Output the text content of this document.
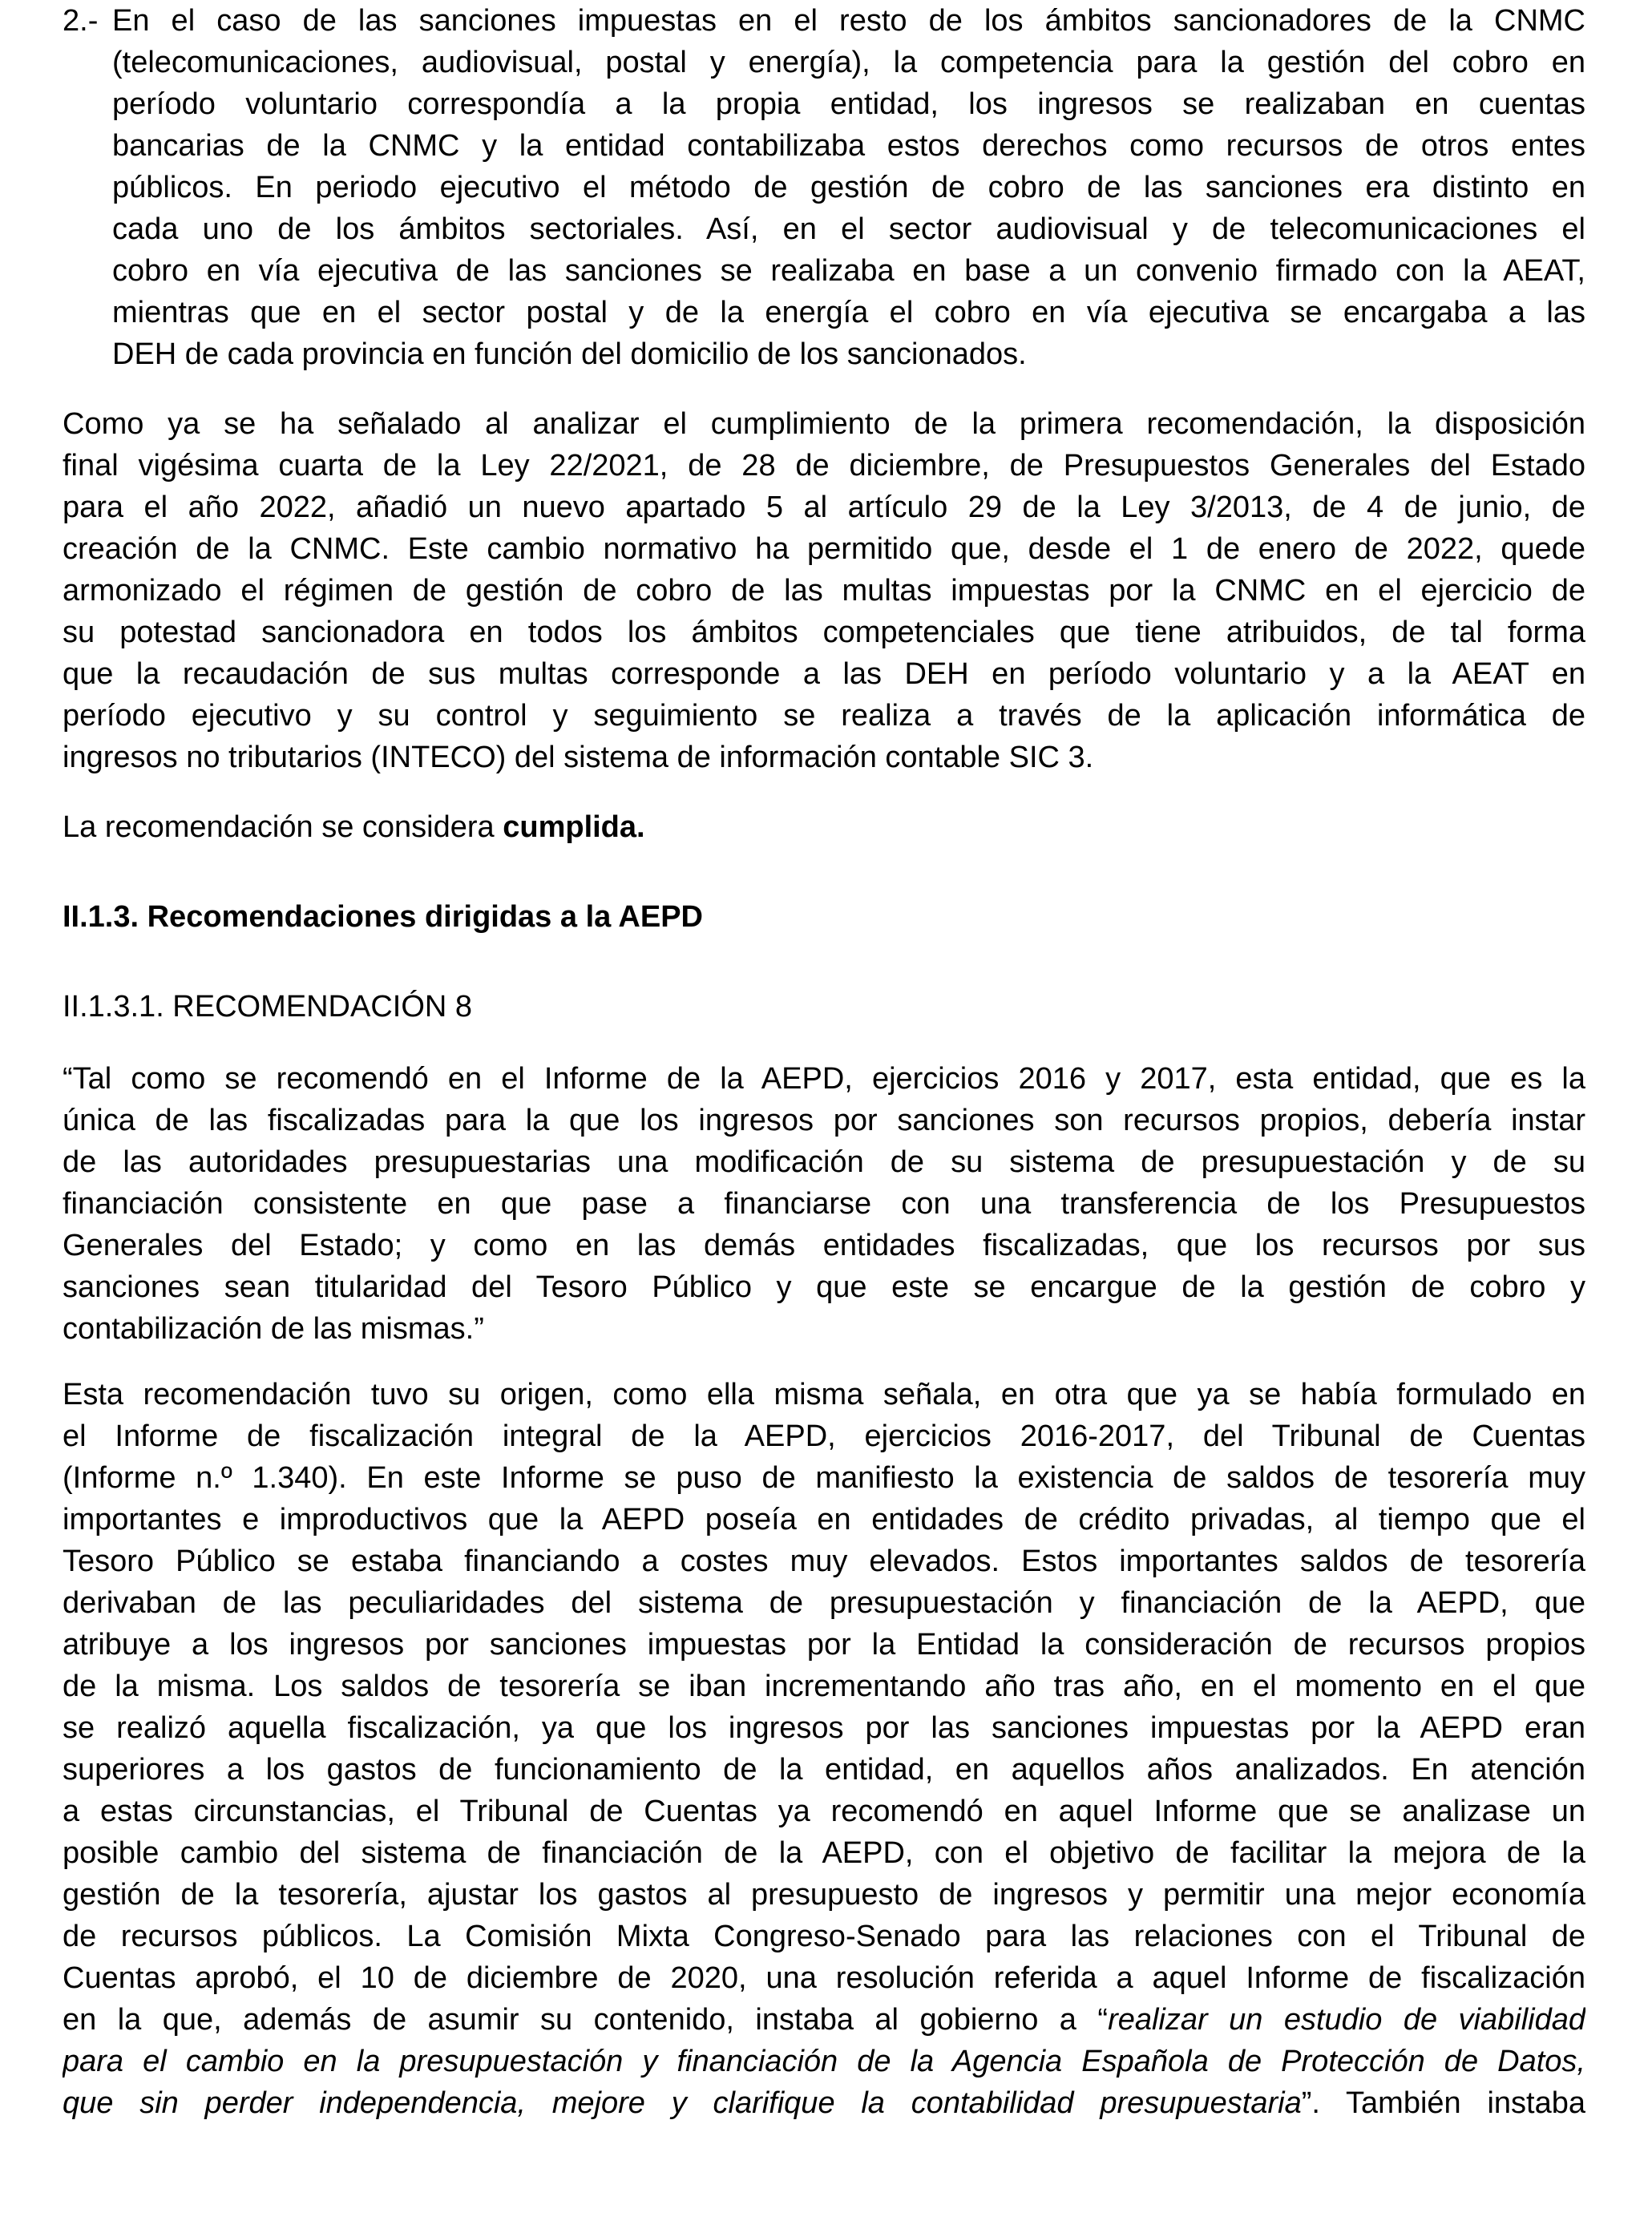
2.- En el caso de las sanciones impuestas en el resto de los ámbitos sancionadores de la CNMC
(telecomunicaciones, audiovisual, postal y energía), la competencia para la gestión del cobro en
período voluntario correspondía a la propia entidad, los ingresos se realizaban en cuentas
bancarias de la CNMC y la entidad contabilizaba estos derechos como recursos de otros entes
públicos. En periodo ejecutivo el método de gestión de cobro de las sanciones era distinto en
cada uno de los ámbitos sectoriales. Así, en el sector audiovisual y de telecomunicaciones el
cobro en vía ejecutiva de las sanciones se realizaba en base a un convenio firmado con la AEAT,
mientras que en el sector postal y de la energía el cobro en vía ejecutiva se encargaba a las
DEH de cada provincia en función del domicilio de los sancionados.
Como ya se ha señalado al analizar el cumplimiento de la primera recomendación, la disposición
final vigésima cuarta de la Ley 22/2021, de 28 de diciembre, de Presupuestos Generales del Estado
para el año 2022, añadió un nuevo apartado 5 al artículo 29 de la Ley 3/2013, de 4 de junio, de
creación de la CNMC. Este cambio normativo ha permitido que, desde el 1 de enero de 2022, quede
armonizado el régimen de gestión de cobro de las multas impuestas por la CNMC en el ejercicio de
su potestad sancionadora en todos los ámbitos competenciales que tiene atribuidos, de tal forma
que la recaudación de sus multas corresponde a las DEH en período voluntario y a la AEAT en
período ejecutivo y su control y seguimiento se realiza a través de la aplicación informática de
ingresos no tributarios (INTECO) del sistema de información contable SIC 3.
La recomendación se considera cumplida.
II.1.3. Recomendaciones dirigidas a la AEPD
II.1.3.1. RECOMENDACIÓN 8
“Tal como se recomendó en el Informe de la AEPD, ejercicios 2016 y 2017, esta entidad, que es la
única de las fiscalizadas para la que los ingresos por sanciones son recursos propios, debería instar
de las autoridades presupuestarias una modificación de su sistema de presupuestación y de su
financiación consistente en que pase a financiarse con una transferencia de los Presupuestos
Generales del Estado; y como en las demás entidades fiscalizadas, que los recursos por sus
sanciones sean titularidad del Tesoro Público y que este se encargue de la gestión de cobro y
contabilización de las mismas.”
Esta recomendación tuvo su origen, como ella misma señala, en otra que ya se había formulado en
el Informe de fiscalización integral de la AEPD, ejercicios 2016-2017, del Tribunal de Cuentas
(Informe n.º 1.340). En este Informe se puso de manifiesto la existencia de saldos de tesorería muy
importantes e improductivos que la AEPD poseía en entidades de crédito privadas, al tiempo que el
Tesoro Público se estaba financiando a costes muy elevados. Estos importantes saldos de tesorería
derivaban de las peculiaridades del sistema de presupuestación y financiación de la AEPD, que
atribuye a los ingresos por sanciones impuestas por la Entidad la consideración de recursos propios
de la misma. Los saldos de tesorería se iban incrementando año tras año, en el momento en el que
se realizó aquella fiscalización, ya que los ingresos por las sanciones impuestas por la AEPD eran
superiores a los gastos de funcionamiento de la entidad, en aquellos años analizados. En atención
a estas circunstancias, el Tribunal de Cuentas ya recomendó en aquel Informe que se analizase un
posible cambio del sistema de financiación de la AEPD, con el objetivo de facilitar la mejora de la
gestión de la tesorería, ajustar los gastos al presupuesto de ingresos y permitir una mejor economía
de recursos públicos. La Comisión Mixta Congreso-Senado para las relaciones con el Tribunal de
Cuentas aprobó, el 10 de diciembre de 2020, una resolución referida a aquel Informe de fiscalización
en la que, además de asumir su contenido, instaba al gobierno a “realizar un estudio de viabilidad
para el cambio en la presupuestación y financiación de la Agencia Española de Protección de Datos,
que sin perder independencia, mejore y clarifique la contabilidad presupuestaria”. También instaba
